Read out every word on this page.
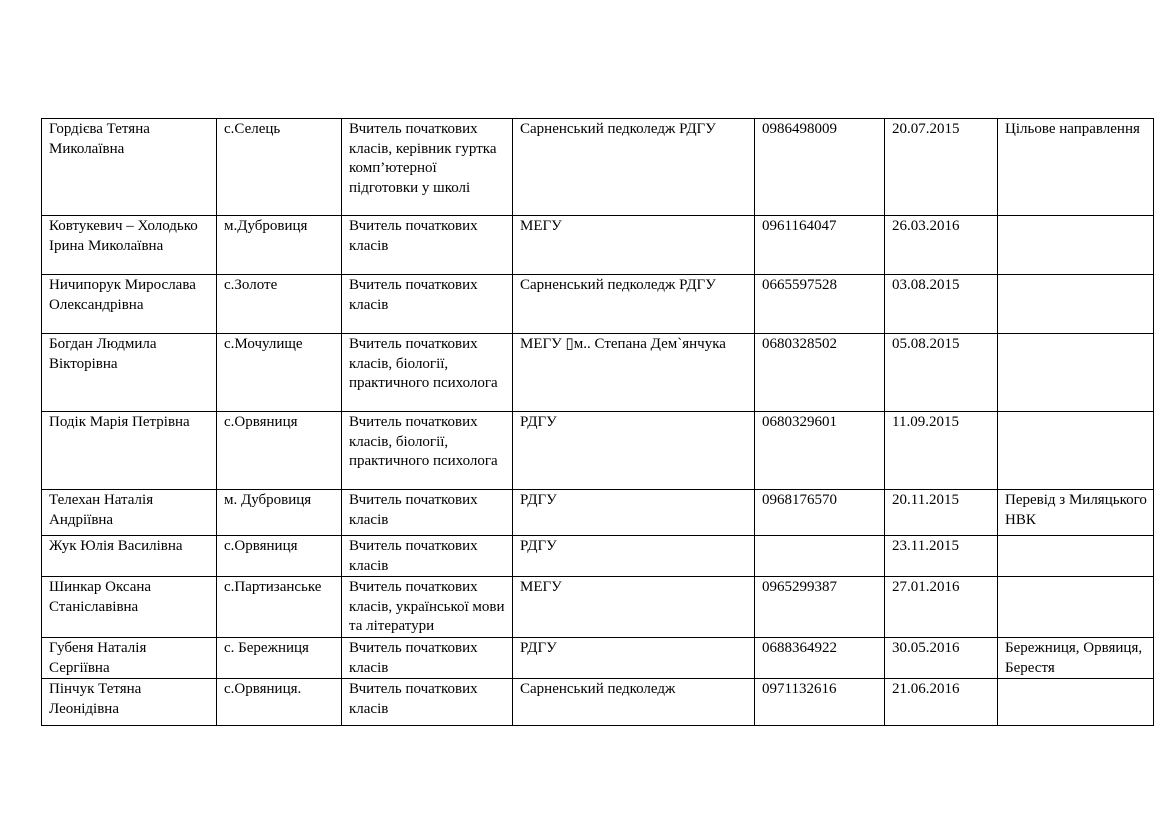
Гордієва Тетяна Миколаївна	с.Селець	Вчитель початкових класів, керівник гуртка комп’ютерної підготовки у школі	Сарненський педколедж РДГУ	0986498009	20.07.2015	Цільове направлення
Ковтукевич – Холодько Ірина Миколаївна	м.Дубровиця	Вчитель початкових класів	МЕГУ	0961164047	26.03.2016	
Ничипорук Мирослава Олександрівна	с.Золоте	Вчитель початкових класів	Сарненський педколедж РДГУ	0665597528	03.08.2015	
Богдан Людмила Вікторівна	с.Мочулище	Вчитель початкових класів, біології, практичного психолога	МЕГУ ▯м.. Степана Дем`янчука	0680328502	05.08.2015	
Подік Марія Петрівна	с.Орвяниця	Вчитель початкових класів, біології, практичного психолога	РДГУ	0680329601	11.09.2015	
Телехан Наталія Андріївна	м. Дубровиця	Вчитель початкових класів	РДГУ	0968176570	20.11.2015	Перевід з Миляцького НВК
Жук Юлія Василівна	с.Орвяниця	Вчитель початкових класів	РДГУ		23.11.2015	
Шинкар Оксана Станіславівна	с.Партизанське	Вчитель початкових класів, української мови та літератури	МЕГУ	0965299387	27.01.2016	
Губеня Наталія Сергіївна	с. Бережниця	Вчитель початкових класів	РДГУ	0688364922	30.05.2016	Бережниця, Орвяиця, Берестя
Пінчук Тетяна Леонідівна	с.Орвяниця.	Вчитель початкових класів	Сарненський педколедж	0971132616	21.06.2016	
